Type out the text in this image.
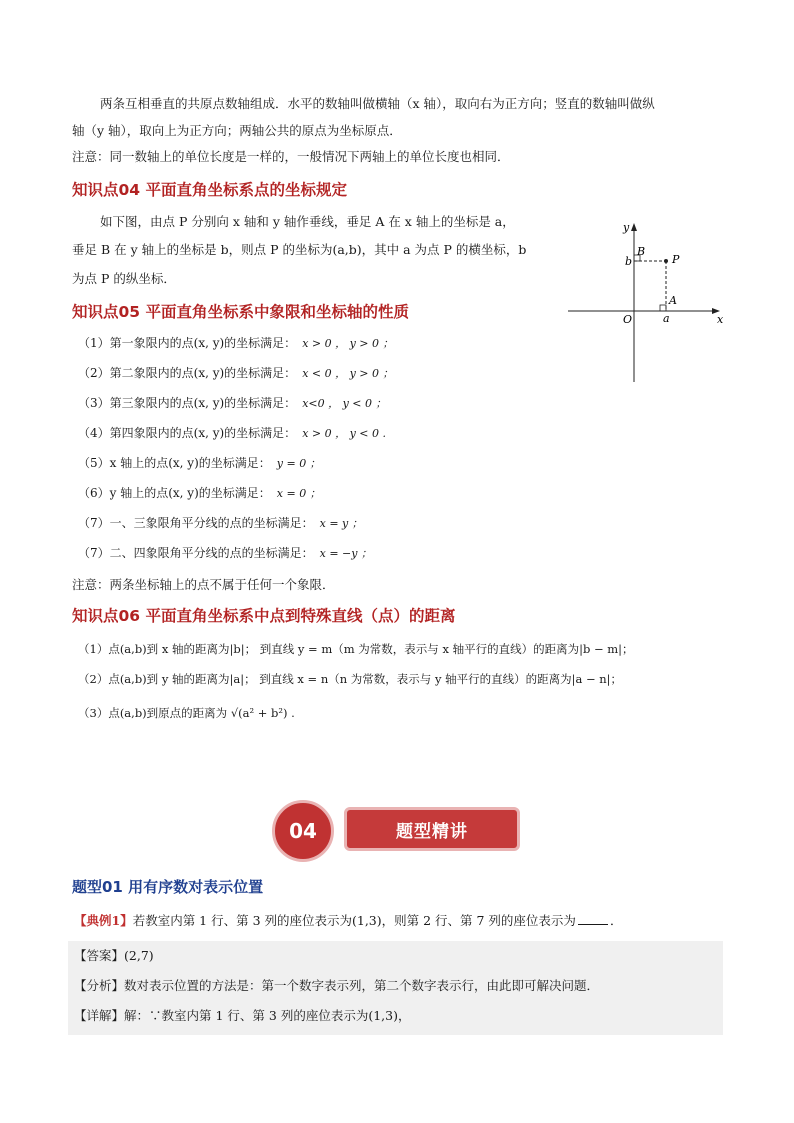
两条互相垂直的共原点数轴组成．水平的数轴叫做横轴（x 轴），取向右为正方向；竖直的数轴叫做纵
轴（y 轴），取向上为正方向；两轴公共的原点为坐标原点．
注意：同一数轴上的单位长度是一样的，一般情况下两轴上的单位长度也相同．
知识点04 平面直角坐标系点的坐标规定
如下图，由点 P 分别向 x 轴和 y 轴作垂线，垂足 A 在 x 轴上的坐标是 a，
垂足 B 在 y 轴上的坐标是 b，则点 P 的坐标为(a,b)，其中 a 为点 P 的横坐标，b
为点 P 的纵坐标．
x
y
O
P
A
B
a
b
知识点05 平面直角坐标系中象限和坐标轴的性质
（1）第一象限内的点(x, y)的坐标满足： x > 0 ， y > 0 ；
（2）第二象限内的点(x, y)的坐标满足： x < 0 ， y > 0 ；
（3）第三象限内的点(x, y)的坐标满足： x<0 ， y < 0 ；
（4）第四象限内的点(x, y)的坐标满足： x > 0 ， y < 0 .
（5）x 轴上的点(x, y)的坐标满足： y = 0 ；
（6）y 轴上的点(x, y)的坐标满足： x = 0 ；
（7）一、三象限角平分线的点的坐标满足： x = y ；
（7）二、四象限角平分线的点的坐标满足： x = −y ；
注意：两条坐标轴上的点不属于任何一个象限．
知识点06 平面直角坐标系中点到特殊直线（点）的距离
（1）点(a,b)到 x 轴的距离为|b|； 到直线 y = m（m 为常数，表示与 x 轴平行的直线）的距离为|b − m|；
（2）点(a,b)到 y 轴的距离为|a|； 到直线 x = n（n 为常数，表示与 y 轴平行的直线）的距离为|a − n|；
（3）点(a,b)到原点的距离为 √(a² + b²) .
题型精讲
04
题型01 用有序数对表示位置
【典例1】若教室内第 1 行、第 3 列的座位表示为(1,3)，则第 2 行、第 7 列的座位表示为	．
【答案】(2,7)
【分析】数对表示位置的方法是：第一个数字表示列，第二个数字表示行，由此即可解决问题．
【详解】解：∵教室内第 1 行、第 3 列的座位表示为(1,3)，
